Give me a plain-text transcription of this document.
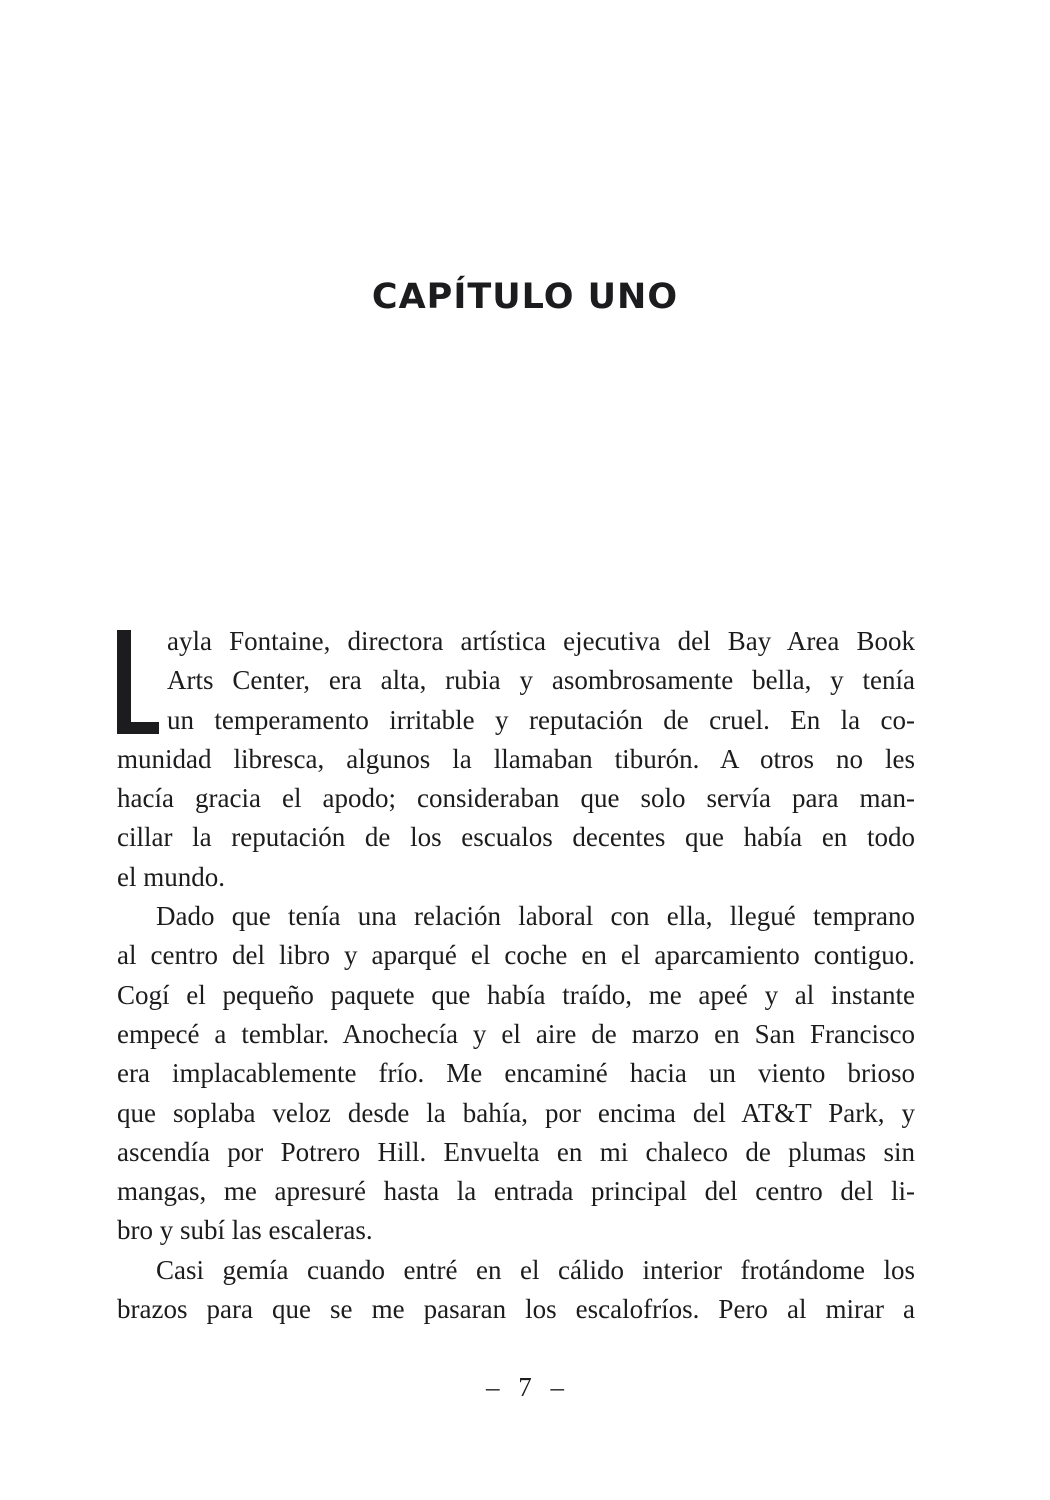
CAPÍTULO UNO

ayla Fontaine, directora artística ejecutiva del Bay Area Book
Arts Center, era alta, rubia y asombrosamente bella, y tenía
un temperamento irritable y reputación de cruel. En la co-
munidad libresca, algunos la llamaban tiburón. A otros no les
hacía gracia el apodo; consideraban que solo servía para man-
cillar la reputación de los escualos decentes que había en todo
el mundo.

Dado que tenía una relación laboral con ella, llegué temprano
al centro del libro y aparqué el coche en el aparcamiento contiguo.
Cogí el pequeño paquete que había traído, me apeé y al instante
empecé a temblar. Anochecía y el aire de marzo en San Francisco
era implacablemente frío. Me encaminé hacia un viento brioso
que soplaba veloz desde la bahía, por encima del AT&T Park, y
ascendía por Potrero Hill. Envuelta en mi chaleco de plumas sin
mangas, me apresuré hasta la entrada principal del centro del li-
bro y subí las escaleras.

Casi gemía cuando entré en el cálido interior frotándome los
brazos para que se me pasaran los escalofríos. Pero al mirar a

– 7 –
